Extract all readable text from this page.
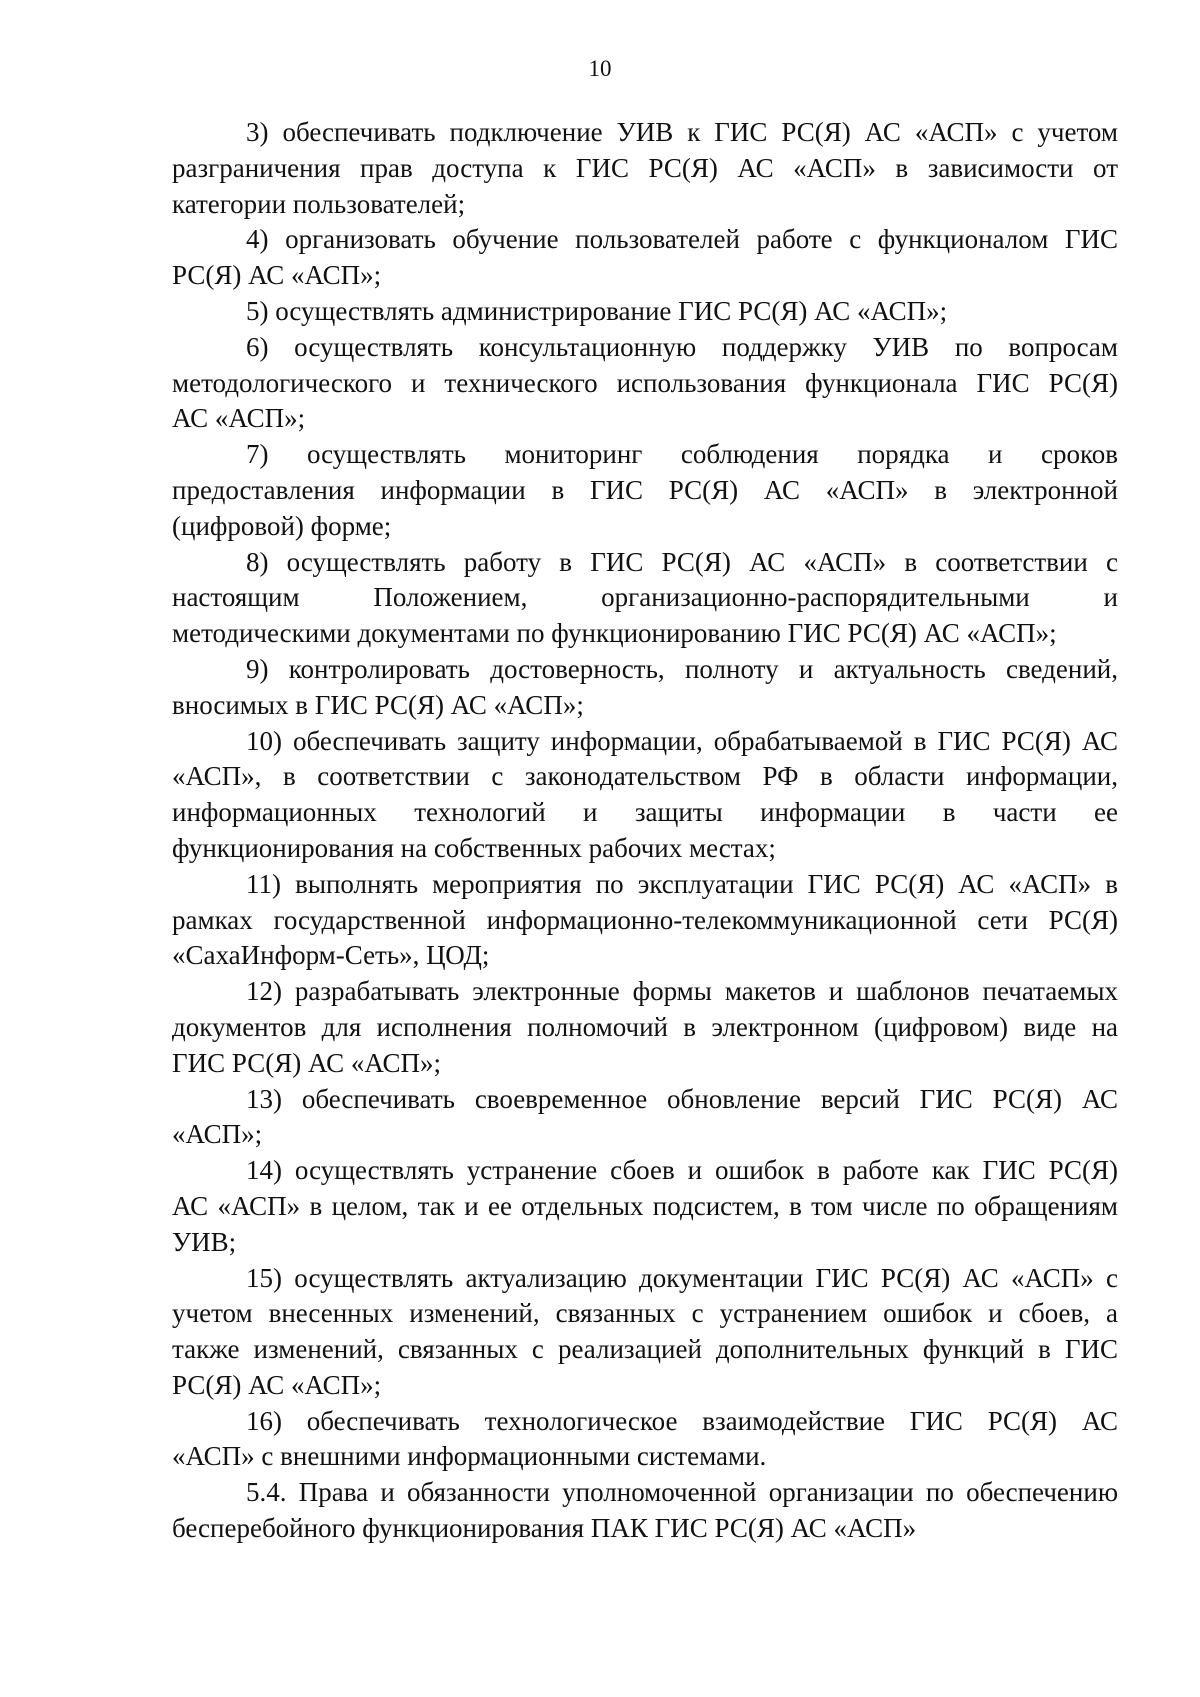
10

3) обеспечивать подключение УИВ к ГИС РС(Я) АС «АСП» с учетом
разграничения прав доступа к ГИС РС(Я) АС «АСП» в зависимости от
категории пользователей;

4) организовать обучение пользователей работе с функционалом ГИС
РС(Я) АС «АСП»;

5) осуществлять администрирование ГИС РС(Я) АС «АСП»;

6) осуществлять консультационную поддержку УИВ по вопросам
методологического и технического использования функционала ГИС РС(Я)
АС «АСП»;

7) осуществлять мониторинг соблюдения порядка и сроков
предоставления информации в ГИС РС(Я) АС «АСП» в электронной
(цифровой) форме;

8) осуществлять работу в ГИС РС(Я) АС «АСП» в соответствии с
настоящим Положением, организационно-распорядительными и
методическими документами по функционированию ГИС РС(Я) АС «АСП»;

9) контролировать достоверность, полноту и актуальность сведений,
вносимых в ГИС РС(Я) АС «АСП»;

10) обеспечивать защиту информации, обрабатываемой в ГИС РС(Я) АС
«АСП», в соответствии с законодательством РФ в области информации,
информационных технологий и защиты информации в части ее
функционирования на собственных рабочих местах;

11) выполнять мероприятия по эксплуатации ГИС РС(Я) АС «АСП» в
рамках государственной информационно-телекоммуникационной сети РС(Я)
«СахаИнформ-Сеть», ЦОД;

12) разрабатывать электронные формы макетов и шаблонов печатаемых
документов для исполнения полномочий в электронном (цифровом) виде на
ГИС РС(Я) АС «АСП»;

13) обеспечивать своевременное обновление версий ГИС РС(Я) АС
«АСП»;

14) осуществлять устранение сбоев и ошибок в работе как ГИС РС(Я)
АС «АСП» в целом, так и ее отдельных подсистем, в том числе по обращениям
УИВ;

15) осуществлять актуализацию документации ГИС РС(Я) АС «АСП» с
учетом внесенных изменений, связанных с устранением ошибок и сбоев, а
также изменений, связанных с реализацией дополнительных функций в ГИС
РС(Я) АС «АСП»;

16) обеспечивать технологическое взаимодействие ГИС РС(Я) АС
«АСП» с внешними информационными системами.

5.4. Права и обязанности уполномоченной организации по обеспечению
бесперебойного функционирования ПАК ГИС РС(Я) АС «АСП»
